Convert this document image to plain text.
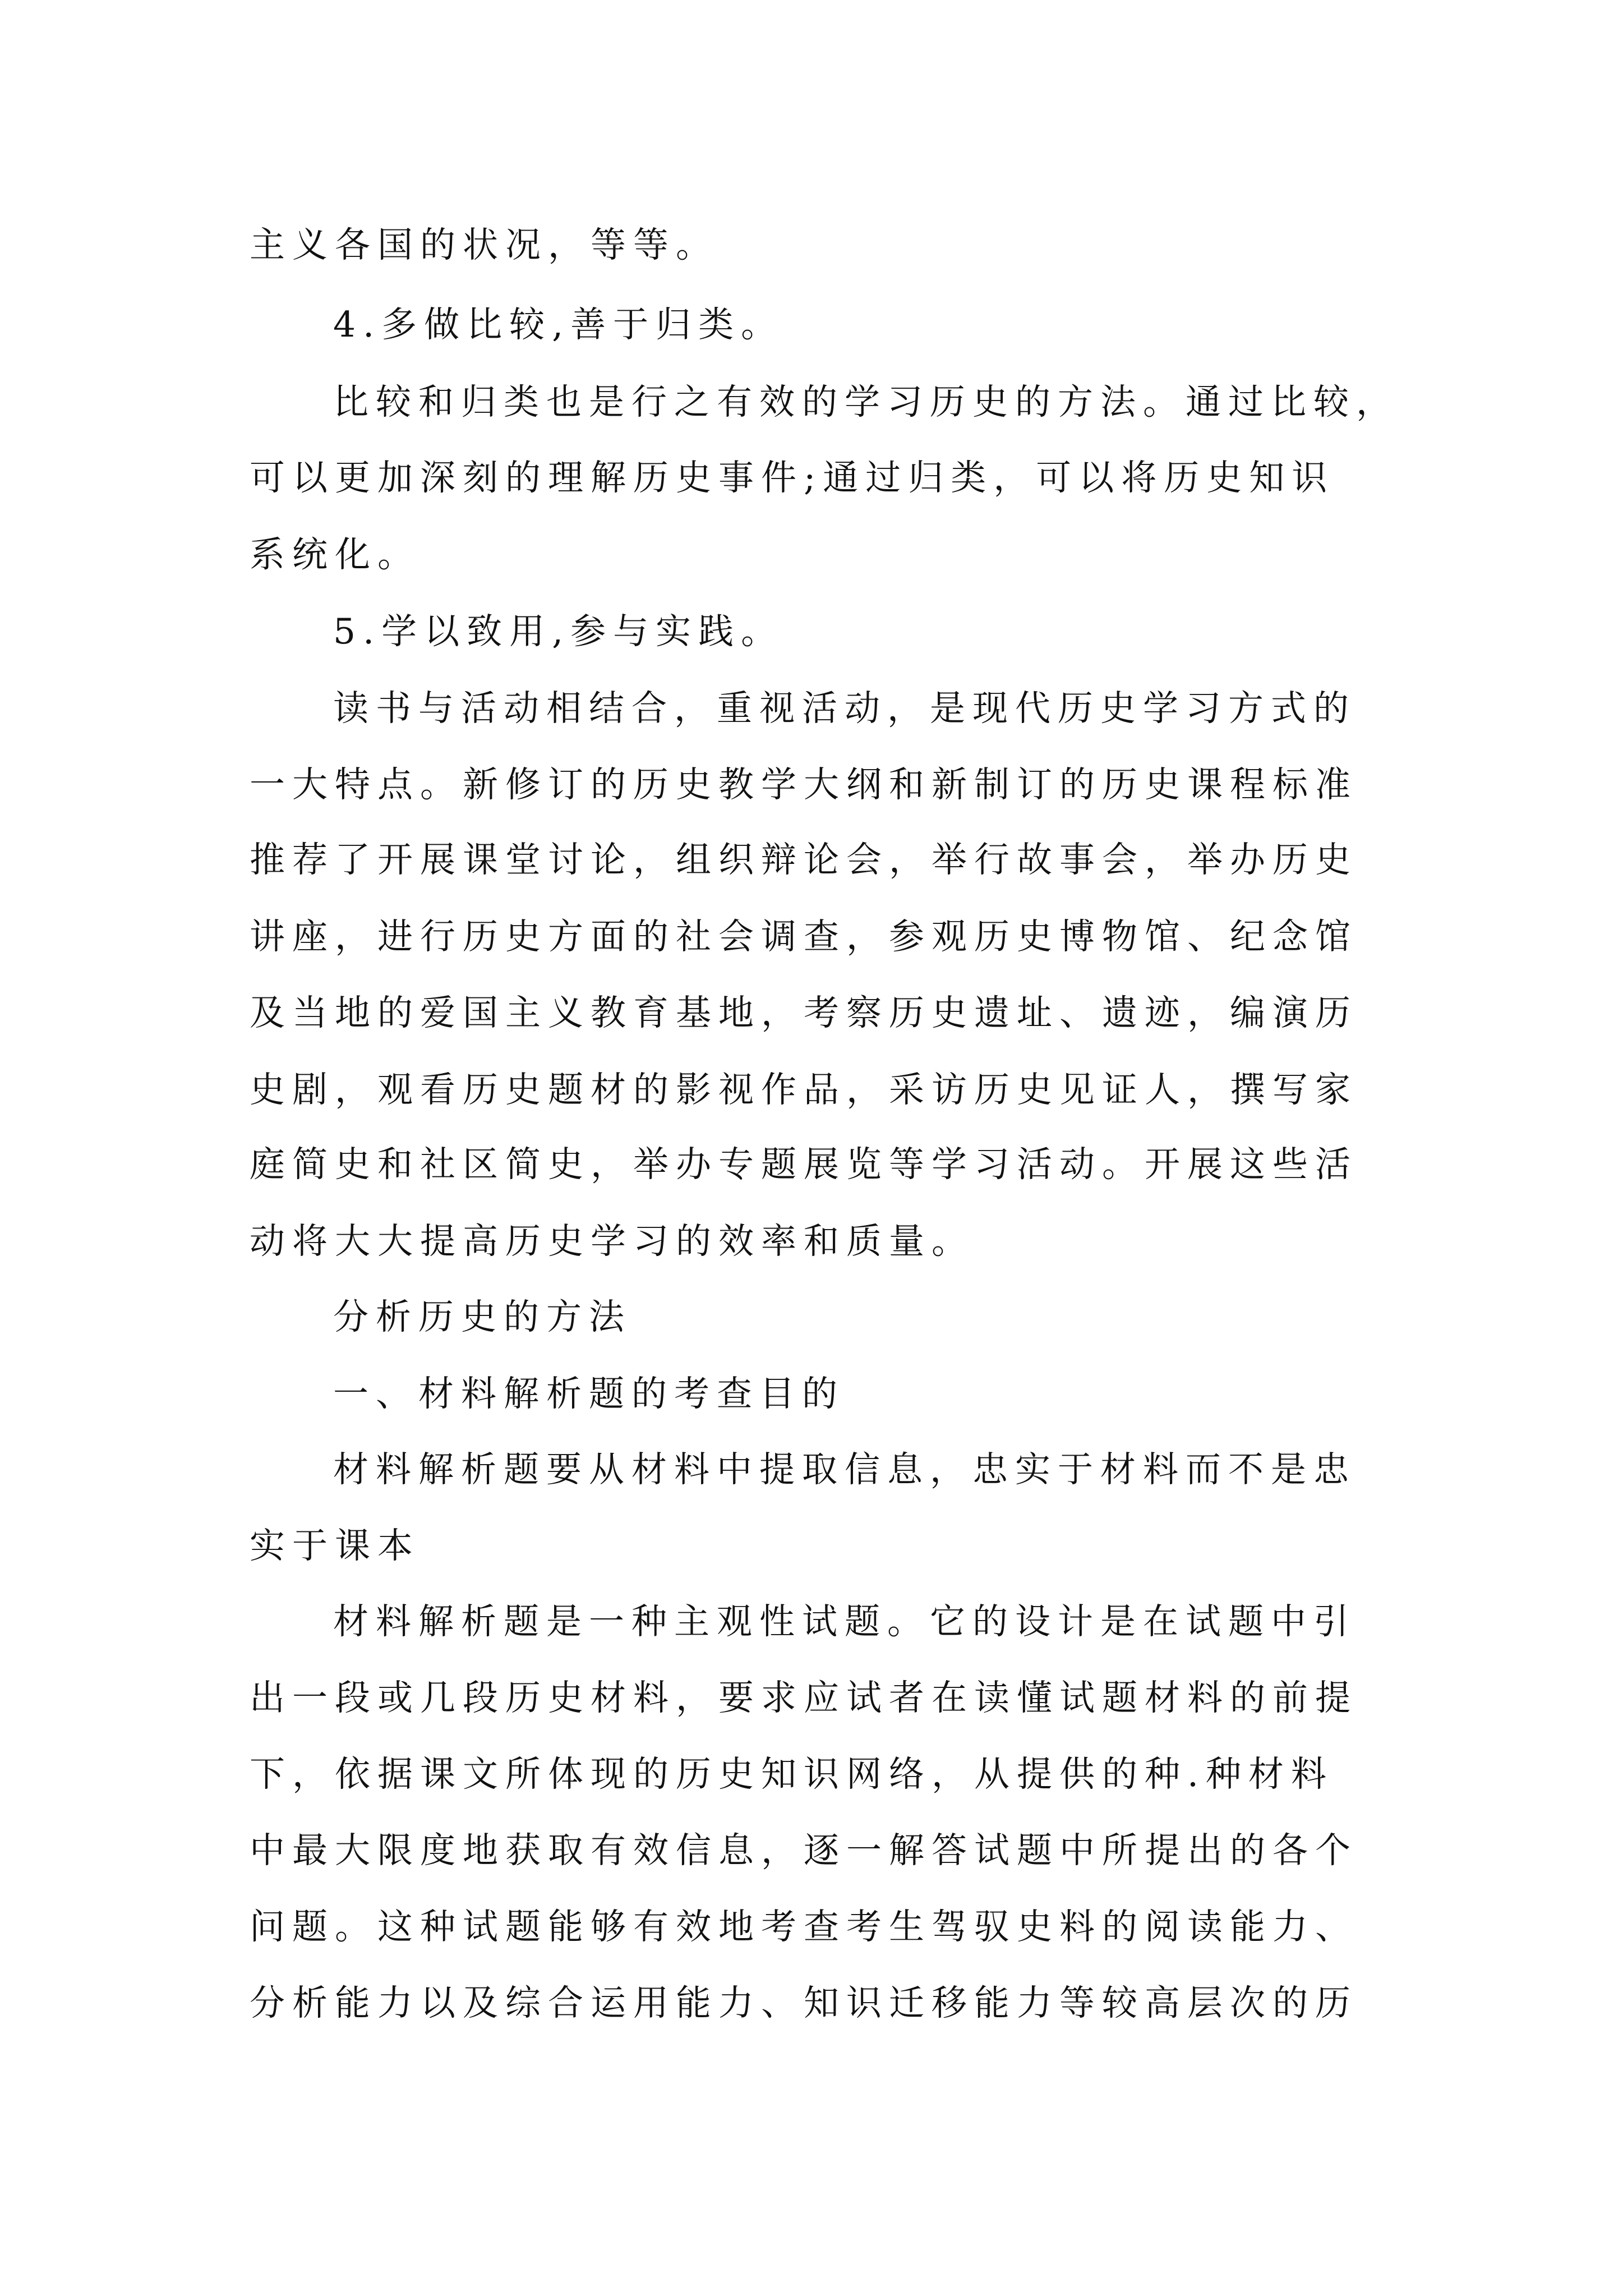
主义各国的状况，等等。
4.多做比较,善于归类。
比较和归类也是行之有效的学习历史的方法。通过比较，
可以更加深刻的理解历史事件;通过归类，可以将历史知识
系统化。
5.学以致用,参与实践。
读书与活动相结合，重视活动，是现代历史学习方式的
一大特点。新修订的历史教学大纲和新制订的历史课程标准
推荐了开展课堂讨论，组织辩论会，举行故事会，举办历史
讲座，进行历史方面的社会调查，参观历史博物馆、纪念馆
及当地的爱国主义教育基地，考察历史遗址、遗迹，编演历
史剧，观看历史题材的影视作品，采访历史见证人，撰写家
庭简史和社区简史，举办专题展览等学习活动。开展这些活
动将大大提高历史学习的效率和质量。
分析历史的方法
一、材料解析题的考查目的
材料解析题要从材料中提取信息，忠实于材料而不是忠
实于课本
材料解析题是一种主观性试题。它的设计是在试题中引
出一段或几段历史材料，要求应试者在读懂试题材料的前提
下，依据课文所体现的历史知识网络，从提供的种.种材料
中最大限度地获取有效信息，逐一解答试题中所提出的各个
问题。这种试题能够有效地考查考生驾驭史料的阅读能力、
分析能力以及综合运用能力、知识迁移能力等较高层次的历
